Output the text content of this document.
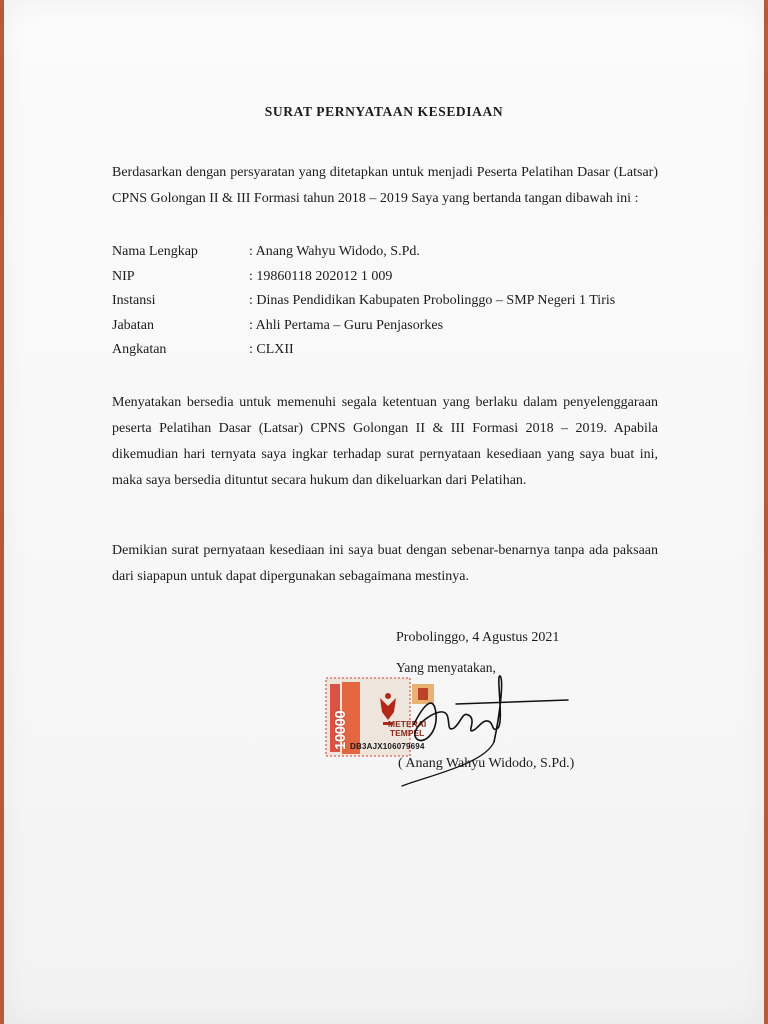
SURAT PERNYATAAN KESEDIAAN

Berdasarkan dengan persyaratan yang ditetapkan untuk menjadi Peserta Pelatihan Dasar (Latsar) CPNS Golongan II & III Formasi tahun 2018 – 2019 Saya yang bertanda tangan dibawah ini :

Nama Lengkap	: Anang Wahyu Widodo, S.Pd.
NIP	: 19860118 202012 1 009
Instansi	: Dinas Pendidikan Kabupaten Probolinggo – SMP Negeri 1 Tiris
Jabatan	: Ahli Pertama – Guru Penjasorkes
Angkatan	: CLXII

Menyatakan bersedia untuk memenuhi segala ketentuan yang berlaku dalam penyelenggaraan peserta Pelatihan Dasar (Latsar) CPNS Golongan II & III Formasi 2018 – 2019. Apabila dikemudian hari ternyata saya ingkar terhadap surat pernyataan kesediaan yang saya buat ini, maka saya bersedia dituntut secara hukum dan dikeluarkan dari Pelatihan.

Demikian surat pernyataan kesediaan ini saya buat dengan sebenar-benarnya tanpa ada paksaan dari siapapun untuk dapat dipergunakan sebagaimana mestinya.

Probolinggo, 4 Agustus 2021
Yang menyatakan,
METERAI
TEMPEL
DB3AJX106079694
10000
( Anang Wahyu Widodo, S.Pd.)
